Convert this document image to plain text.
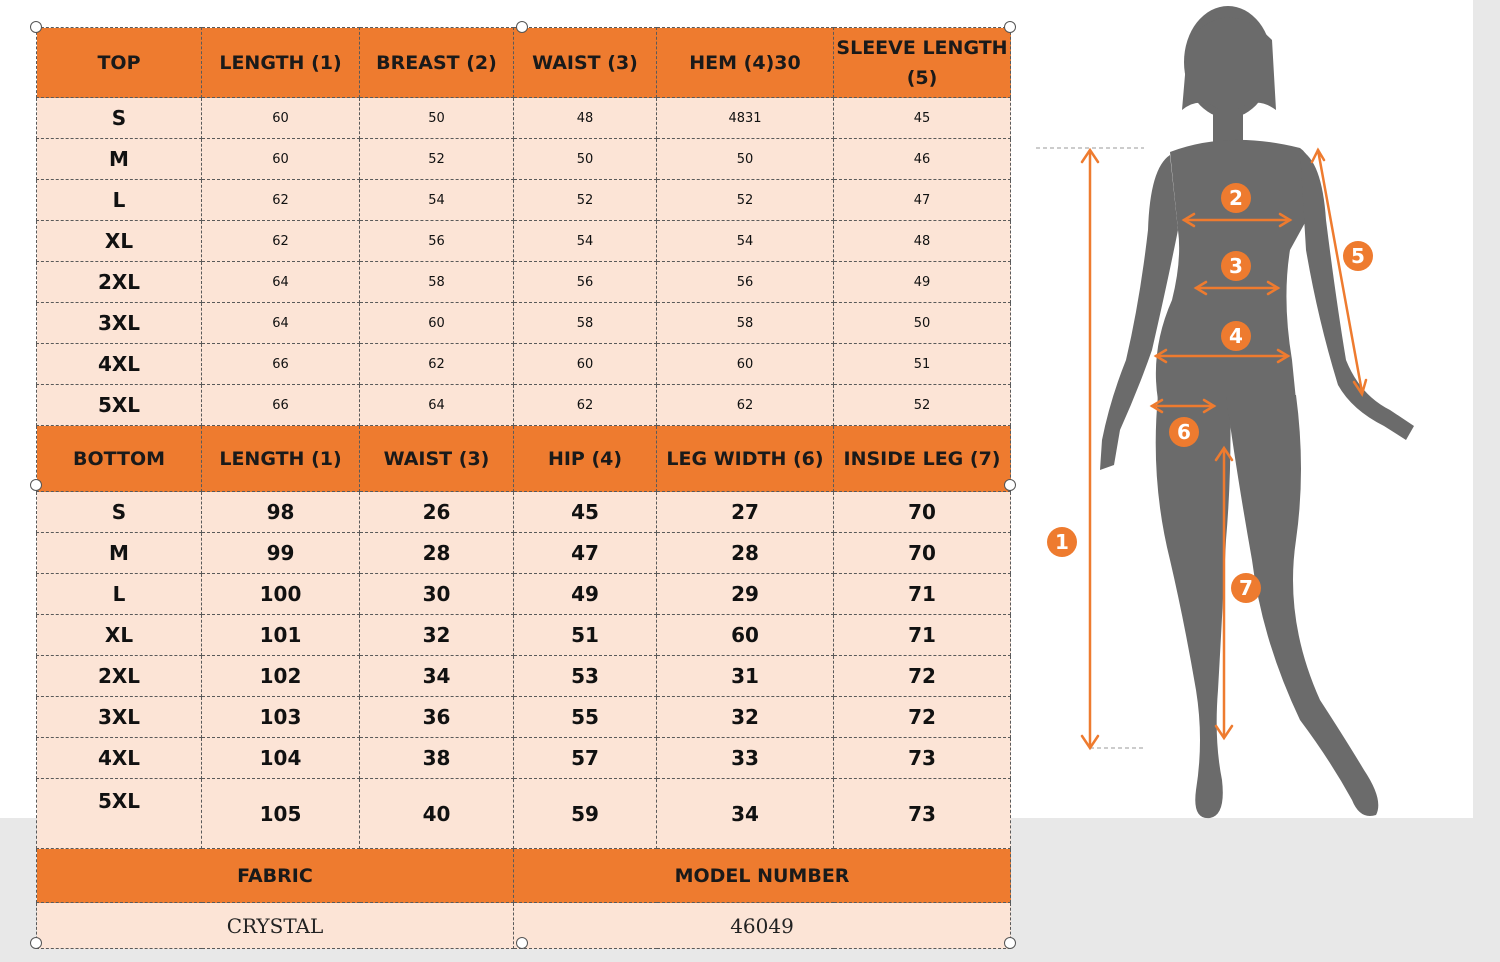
TOP	LENGTH (1)	BREAST (2)	WAIST (3)	HEM (4)30	SLEEVE LENGTH (5)
S	60	50	48	4831	45
M	60	52	50	50	46
L	62	54	52	52	47
XL	62	56	54	54	48
2XL	64	58	56	56	49
3XL	64	60	58	58	50
4XL	66	62	60	60	51
5XL	66	64	62	62	52
BOTTOM	LENGTH (1)	WAIST (3)	HIP (4)	LEG WIDTH (6)	INSIDE LEG (7)
S	98	26	45	27	70
M	99	28	47	28	70
L	100	30	49	29	71
XL	101	32	51	60	71
2XL	102	34	53	31	72
3XL	103	36	55	32	72
4XL	104	38	57	33	73
5XL	105	40	59	34	73
FABRIC			MODEL NUMBER		
CRYSTAL			46049		
1
2
3
4
5
6
7
